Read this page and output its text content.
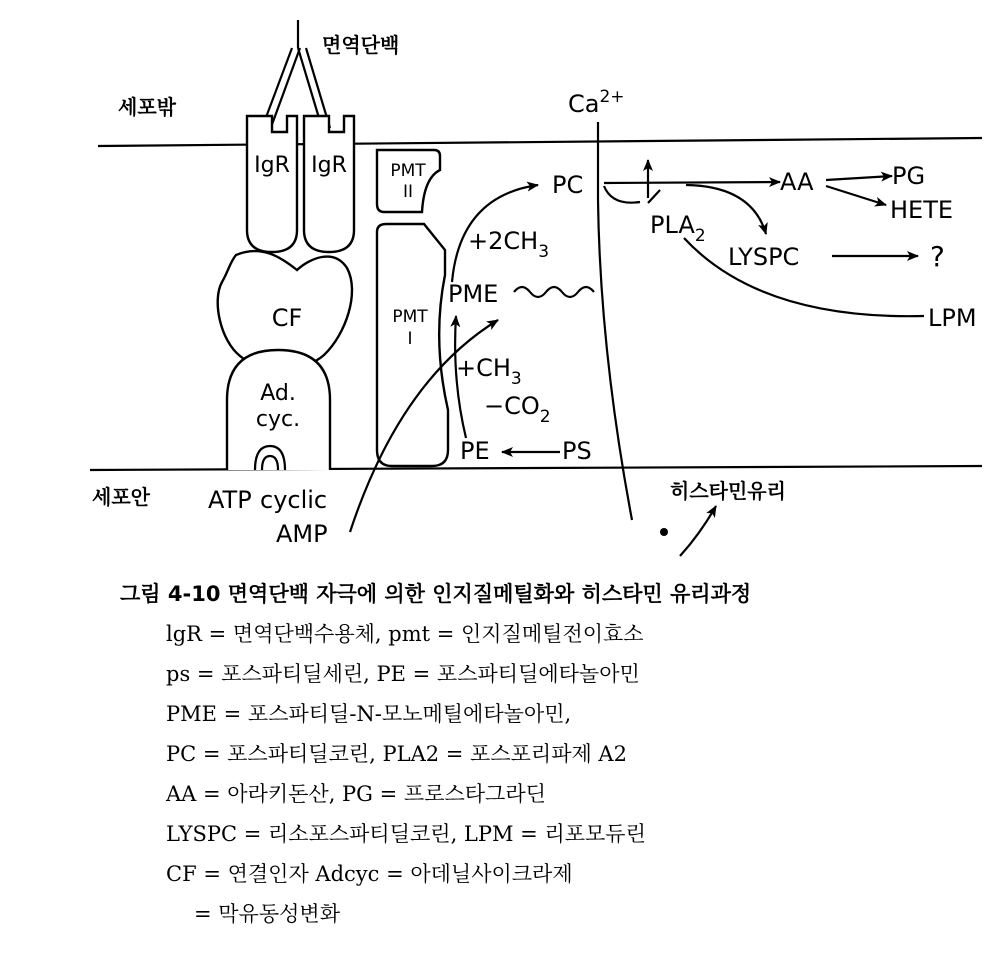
세포밖
세포안
면역단백
IgR IgR
CF
Ad.
cyc.
ATP cyclic
AMP
PMT
II
PMT
I
$Ca^{2+}$
PC
$+2CH_3$
PME
$+CH_3$
$-CO_2$
PE	PS
$PLA_2$
AA	PG
HETE
LYSPC	?
LPM
히스타민유리
그림 4-10 면역단백 자극에 의한 인지질메틸화와 히스타민 유리과정
lgR = 면역단백수용체, pmt = 인지질메틸전이효소
ps = 포스파티딜세린, PE = 포스파티딜에타놀아민
PME = 포스파티딜-N-모노메틸에타놀아민,
PC = 포스파티딜코린, PLA2 = 포스포리파제 A2
AA = 아라키돈산, PG = 프로스타그라딘
LYSPC = 리소포스파티딜코린, LPM = 리포모듀린
CF = 연결인자 Adcyc = 아데닐사이크라제
= 막유동성변화
